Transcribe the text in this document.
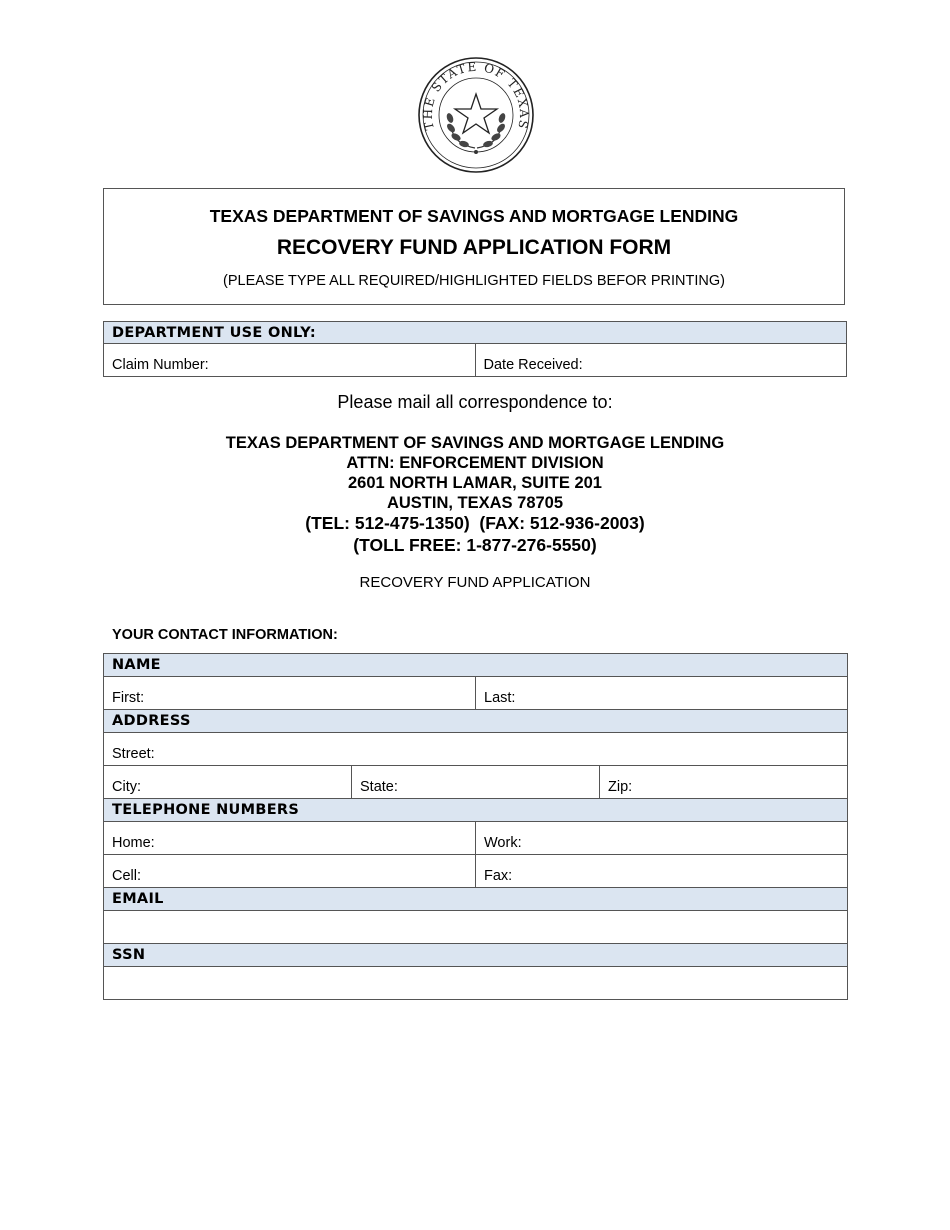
THE STATE OF TEXAS
TEXAS DEPARTMENT OF SAVINGS AND MORTGAGE LENDING
RECOVERY FUND APPLICATION FORM
(PLEASE TYPE ALL REQUIRED/HIGHLIGHTED FIELDS BEFOR PRINTING)
DEPARTMENT USE ONLY:
Claim Number:	Date Received:
Please mail all correspondence to:
TEXAS DEPARTMENT OF SAVINGS AND MORTGAGE LENDING
ATTN: ENFORCEMENT DIVISION
2601 NORTH LAMAR, SUITE 201
AUSTIN, TEXAS 78705
(TEL: 512-475-1350)  (FAX: 512-936-2003)
(TOLL FREE: 1-877-276-5550)
RECOVERY FUND APPLICATION
YOUR CONTACT INFORMATION:
NAME			
First:		Last:	
ADDRESS			
Street:			
City:	State:		Zip:
TELEPHONE NUMBERS			
Home:		Work:	
Cell:		Fax:	
EMAIL			

SSN			
